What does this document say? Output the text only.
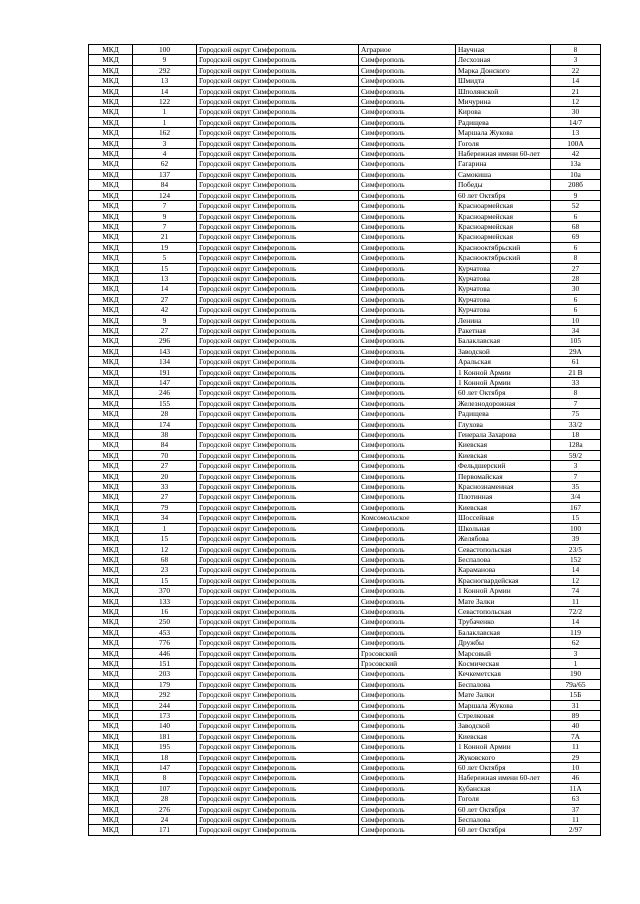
МКД	100	Городской округ Симферополь	Аграрное	Научная	8
МКД	9	Городской округ Симферополь	Симферополь	Лесхозная	3
МКД	292	Городской округ Симферополь	Симферополь	Марка Донского	22
МКД	13	Городской округ Симферополь	Симферополь	Шмидта	14
МКД	14	Городской округ Симферополь	Симферополь	Шполянской	21
МКД	122	Городской округ Симферополь	Симферополь	Мичурина	12
МКД	1	Городской округ Симферополь	Симферополь	Кирова	30
МКД	1	Городской округ Симферополь	Симферополь	Радищева	14/7
МКД	162	Городской округ Симферополь	Симферополь	Маршала Жукова	13
МКД	3	Городской округ Симферополь	Симферополь	Гоголя	100А
МКД	4	Городской округ Симферополь	Симферополь	Набережная имени 60-лет	42
МКД	62	Городской округ Симферополь	Симферополь	Гагарина	13а
МКД	137	Городской округ Симферополь	Симферополь	Самокиша	10а
МКД	84	Городской округ Симферополь	Симферополь	Победы	208б
МКД	124	Городской округ Симферополь	Симферополь	60 лет Октября	9
МКД	7	Городской округ Симферополь	Симферополь	Красноармейская	52
МКД	9	Городской округ Симферополь	Симферополь	Красноармейская	6
МКД	7	Городской округ Симферополь	Симферополь	Красноармейская	68
МКД	21	Городской округ Симферополь	Симферополь	Красноармейская	69
МКД	19	Городской округ Симферополь	Симферополь	Краснооктябрьский	6
МКД	5	Городской округ Симферополь	Симферополь	Краснооктябрьский	8
МКД	15	Городской округ Симферополь	Симферополь	Курчатова	27
МКД	13	Городской округ Симферополь	Симферополь	Курчатова	28
МКД	14	Городской округ Симферополь	Симферополь	Курчатова	30
МКД	27	Городской округ Симферополь	Симферополь	Курчатова	6
МКД	42	Городской округ Симферополь	Симферополь	Курчатова	6
МКД	9	Городской округ Симферополь	Симферополь	Ленина	10
МКД	27	Городской округ Симферополь	Симферополь	Ракетная	34
МКД	296	Городской округ Симферополь	Симферополь	Балаклавская	105
МКД	143	Городской округ Симферополь	Симферополь	Заводской	29А
МКД	134	Городской округ Симферополь	Симферополь	Аральская	61
МКД	191	Городской округ Симферополь	Симферополь	1 Конной Армии	21 В
МКД	147	Городской округ Симферополь	Симферополь	1 Конной Армии	33
МКД	246	Городской округ Симферополь	Симферополь	60 лет Октября	8
МКД	155	Городской округ Симферополь	Симферополь	Железнодорожная	7
МКД	28	Городской округ Симферополь	Симферополь	Радищева	75
МКД	174	Городской округ Симферополь	Симферополь	Глухова	33/2
МКД	38	Городской округ Симферополь	Симферополь	Генерала Захарова	18
МКД	84	Городской округ Симферополь	Симферополь	Киевская	128а
МКД	70	Городской округ Симферополь	Симферополь	Киевская	59/2
МКД	27	Городской округ Симферополь	Симферополь	Фельдшерский	3
МКД	20	Городской округ Симферополь	Симферополь	Первомайская	7
МКД	33	Городской округ Симферополь	Симферополь	Краснознаменная	35
МКД	27	Городской округ Симферополь	Симферополь	Плотинная	3/4
МКД	79	Городской округ Симферополь	Симферополь	Киевская	167
МКД	34	Городской округ Симферополь	Комсомольское	Шоссейная	15
МКД	1	Городской округ Симферополь	Симферополь	Школьная	100
МКД	15	Городской округ Симферополь	Симферополь	Желябова	39
МКД	12	Городской округ Симферополь	Симферополь	Севастопольская	23/5
МКД	68	Городской округ Симферополь	Симферополь	Беспалова	152
МКД	23	Городской округ Симферополь	Симферополь	Караманова	14
МКД	15	Городской округ Симферополь	Симферополь	Красногвардейская	12
МКД	370	Городской округ Симферополь	Симферополь	1 Конной Армии	74
МКД	133	Городской округ Симферополь	Симферополь	Мате Залки	11
МКД	16	Городской округ Симферополь	Симферополь	Севастопольская	72/2
МКД	250	Городской округ Симферополь	Симферополь	Трубаченко	14
МКД	453	Городской округ Симферополь	Симферополь	Балаклавская	119
МКД	776	Городской округ Симферополь	Симферополь	Дружбы	62
МКД	446	Городской округ Симферополь	Грэсовский	Марсовый	3
МКД	151	Городской округ Симферополь	Грэсовский	Космическая	1
МКД	203	Городской округ Симферополь	Симферополь	Кечкеметская	190
МКД	179	Городской округ Симферополь	Симферополь	Беспалова	79а/65
МКД	292	Городской округ Симферополь	Симферополь	Мате Залки	15Б
МКД	244	Городской округ Симферополь	Симферополь	Маршала Жукова	31
МКД	173	Городской округ Симферополь	Симферополь	Стрелковая	89
МКД	140	Городской округ Симферополь	Симферополь	Заводской	40
МКД	181	Городской округ Симферополь	Симферополь	Киевская	7А
МКД	195	Городской округ Симферополь	Симферополь	1 Конной Армии	11
МКД	18	Городской округ Симферополь	Симферополь	Жуковского	29
МКД	147	Городской округ Симферополь	Симферополь	60 лет Октября	10
МКД	8	Городской округ Симферополь	Симферополь	Набережная имени 60-лет	46
МКД	107	Городской округ Симферополь	Симферополь	Кубанская	11А
МКД	28	Городской округ Симферополь	Симферополь	Гоголя	63
МКД	276	Городской округ Симферополь	Симферополь	60 лет Октября	37
МКД	24	Городской округ Симферополь	Симферополь	Беспалова	11
МКД	171	Городской округ Симферополь	Симферополь	60 лет Октября	2/97
